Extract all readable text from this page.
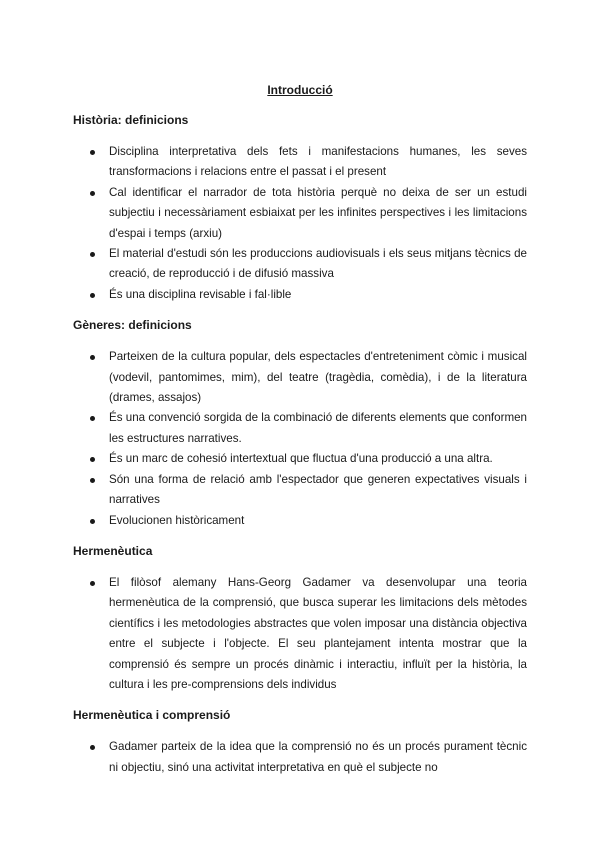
Introducció
Història: definicions
Disciplina interpretativa dels fets i manifestacions humanes, les seves transformacions i relacions entre el passat i el present
Cal identificar el narrador de tota història perquè no deixa de ser un estudi subjectiu i necessàriament esbiaixat per les infinites perspectives i les limitacions d'espai i temps (arxiu)
El material d'estudi són les produccions audiovisuals i els seus mitjans tècnics de creació, de reproducció i de difusió massiva
És una disciplina revisable i fal·lible
Gèneres: definicions
Parteixen de la cultura popular, dels espectacles d'entreteniment còmic i musical (vodevil, pantomimes, mim), del teatre (tragèdia, comèdia), i de la literatura (drames, assajos)
És una convenció sorgida de la combinació de diferents elements que conformen les estructures narratives.
És un marc de cohesió intertextual que fluctua d'una producció a una altra.
Són una forma de relació amb l'espectador que generen expectatives visuals i narratives
Evolucionen històricament
Hermenèutica
El filòsof alemany Hans-Georg Gadamer va desenvolupar una teoria hermenèutica de la comprensió, que busca superar les limitacions dels mètodes científics i les metodologies abstractes que volen imposar una distància objectiva entre el subjecte i l'objecte. El seu plantejament intenta mostrar que la comprensió és sempre un procés dinàmic i interactiu, influït per la història, la cultura i les pre-comprensions dels individus
Hermenèutica i comprensió
Gadamer parteix de la idea que la comprensió no és un procés purament tècnic ni objectiu, sinó una activitat interpretativa en què el subjecte no
